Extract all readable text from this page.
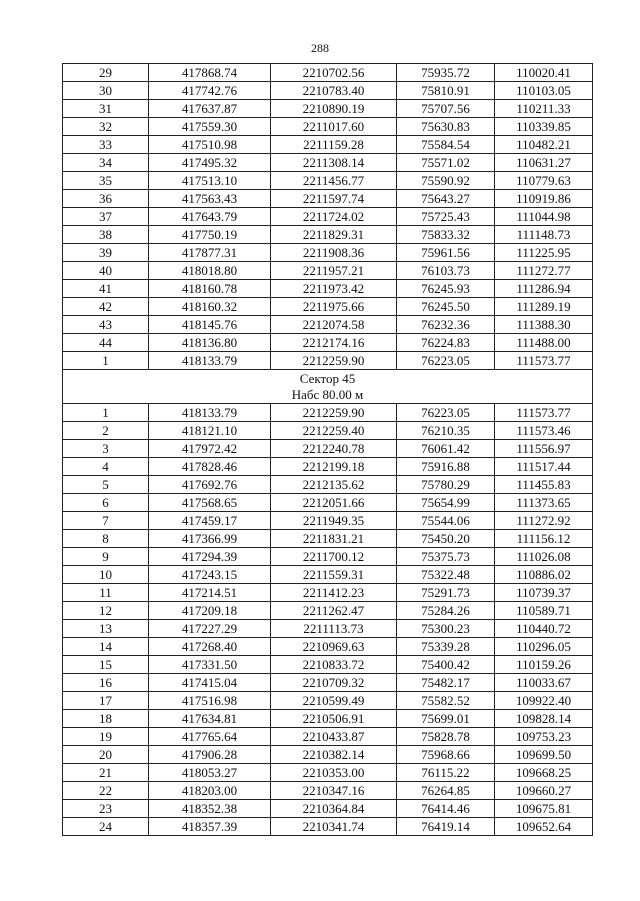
288
29	417868.74	2210702.56	75935.72	110020.41
30	417742.76	2210783.40	75810.91	110103.05
31	417637.87	2210890.19	75707.56	110211.33
32	417559.30	2211017.60	75630.83	110339.85
33	417510.98	2211159.28	75584.54	110482.21
34	417495.32	2211308.14	75571.02	110631.27
35	417513.10	2211456.77	75590.92	110779.63
36	417563.43	2211597.74	75643.27	110919.86
37	417643.79	2211724.02	75725.43	111044.98
38	417750.19	2211829.31	75833.32	111148.73
39	417877.31	2211908.36	75961.56	111225.95
40	418018.80	2211957.21	76103.73	111272.77
41	418160.78	2211973.42	76245.93	111286.94
42	418160.32	2211975.66	76245.50	111289.19
43	418145.76	2212074.58	76232.36	111388.30
44	418136.80	2212174.16	76224.83	111488.00
1	418133.79	2212259.90	76223.05	111573.77

Сектор 45
Набс 80.00 м				

1	418133.79	2212259.90	76223.05	111573.77
2	418121.10	2212259.40	76210.35	111573.46
3	417972.42	2212240.78	76061.42	111556.97
4	417828.46	2212199.18	75916.88	111517.44
5	417692.76	2212135.62	75780.29	111455.83
6	417568.65	2212051.66	75654.99	111373.65
7	417459.17	2211949.35	75544.06	111272.92
8	417366.99	2211831.21	75450.20	111156.12
9	417294.39	2211700.12	75375.73	111026.08
10	417243.15	2211559.31	75322.48	110886.02
11	417214.51	2211412.23	75291.73	110739.37
12	417209.18	2211262.47	75284.26	110589.71
13	417227.29	2211113.73	75300.23	110440.72
14	417268.40	2210969.63	75339.28	110296.05
15	417331.50	2210833.72	75400.42	110159.26
16	417415.04	2210709.32	75482.17	110033.67
17	417516.98	2210599.49	75582.52	109922.40
18	417634.81	2210506.91	75699.01	109828.14
19	417765.64	2210433.87	75828.78	109753.23
20	417906.28	2210382.14	75968.66	109699.50
21	418053.27	2210353.00	76115.22	109668.25
22	418203.00	2210347.16	76264.85	109660.27
23	418352.38	2210364.84	76414.46	109675.81
24	418357.39	2210341.74	76419.14	109652.64
